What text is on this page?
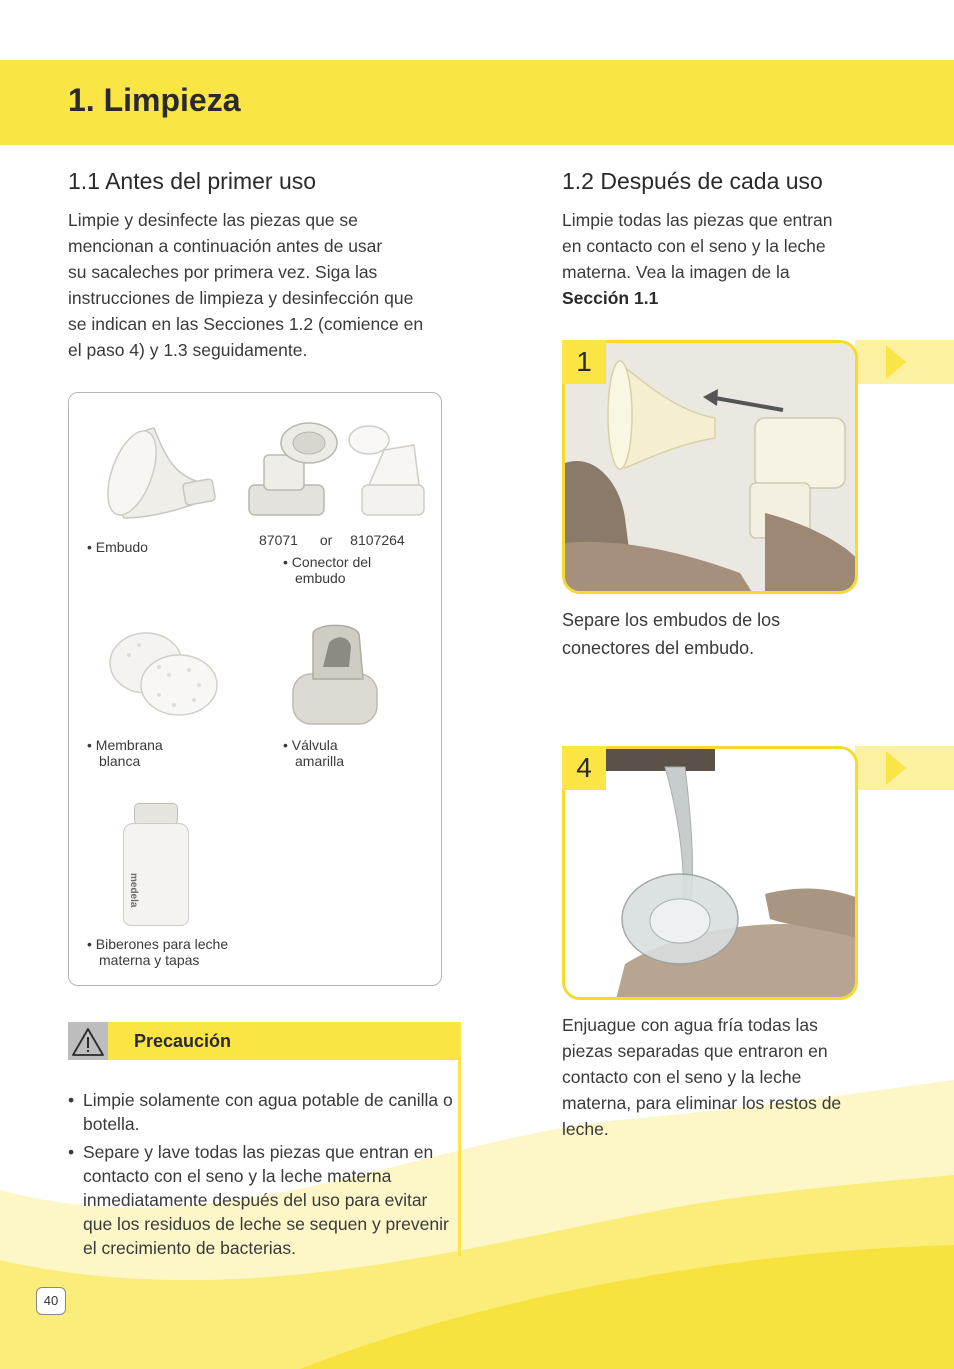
1. Limpieza
1.1 Antes del primer uso

Limpie y desinfecte las piezas que se
mencionan a continuación antes de usar
su sacaleches por primera vez. Siga las
instrucciones de limpieza y desinfección que
se indican en las Secciones 1.2 (comience en
el paso 4) y 1.3 seguidamente.

• Embudo	87071 or 8107264
• Conector del
embudo
• Membrana
blanca
• Válvula
amarilla
medela
• Biberones para leche
materna y tapas
Precaución
• Limpie solamente con agua potable de canilla o botella.
• Separe y lave todas las piezas que entran en contacto con el seno y la leche materna inmediatamente después del uso para evitar que los residuos de leche se sequen y prevenir el crecimiento de bacterias.
1.2 Después de cada uso

Limpie todas las piezas que entran
en contacto con el seno y la leche
materna. Vea la imagen de la
Sección 1.1

1

Separe los embudos de los
conectores del embudo.

4

Enjuague con agua fría todas las
piezas separadas que entraron en
contacto con el seno y la leche
materna, para eliminar los restos de
leche.

40
